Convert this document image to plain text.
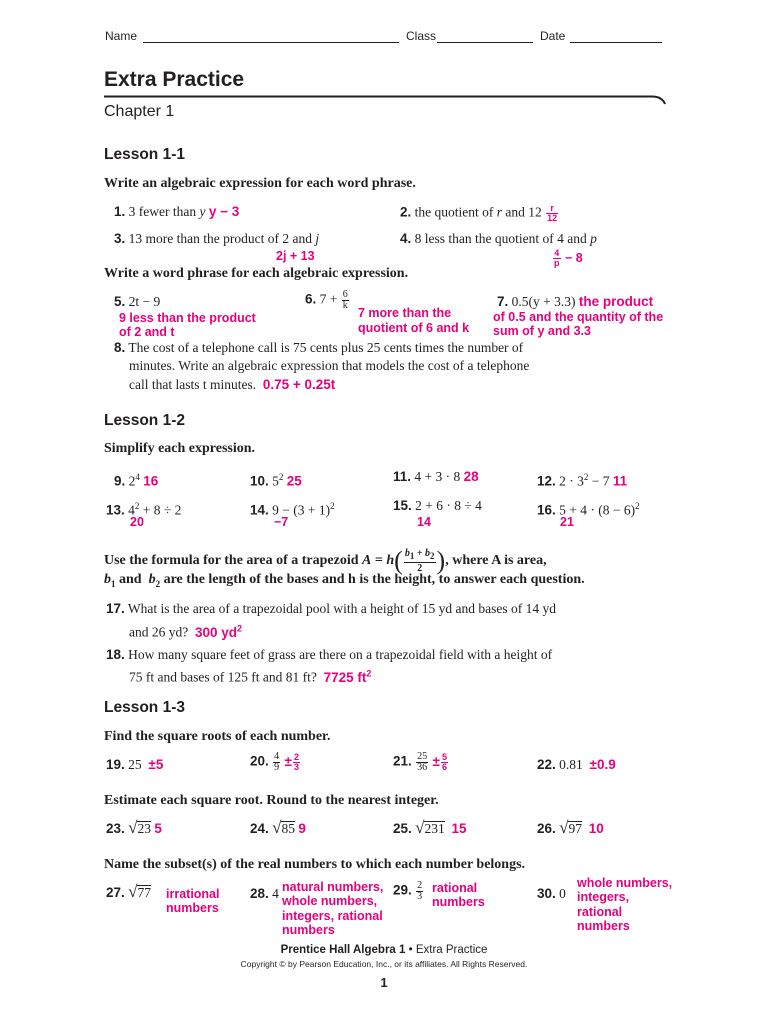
Name	Class	Date
Extra Practice
Chapter 1
Lesson 1-1
Write an algebraic expression for each word phrase.
1. 3 fewer than y y − 3	2. the quotient of r and $12 \frac{r}{12}$
3. 13 more than the product of 2 and j
2j + 13
4. 8 less than the quotient of 4 and p
$\frac{4}{p} - 8$
Write a word phrase for each algebraic expression.
5. 2t − 9
9 less than the product
of 2 and t
6. $7 + \frac{6}{k}$
7 more than the
quotient of 6 and k
7. 0.5(y + 3.3) the product
of 0.5 and the quantity of the
sum of y and 3.3
8. The cost of a telephone call is 75 cents plus 25 cents times the number of
minutes. Write an algebraic expression that models the cost of a telephone
call that lasts t minutes. 0.75 + 0.25t
Lesson 1-2
Simplify each expression.
9. $2^4$ 16	10. $5^2$ 25	11. 4 + 3 · 8 28	12. $2 \cdot 3^2 - 7$ 11
13. $4^2 + 8 \div 2$
20
14. $9 - (3 + 1)^2$
−7
15. 2 + 6 · 8 ÷ 4
14
16. $5 + 4 \cdot (8 - 6)^2$
21
Use the formula for the area of a trapezoid $A = h( \frac{b_1 + b_2}{2}$ ), where A is area,
$b_1$ and  $b_2$ are the length of the bases and h is the height, to answer each question.
17. What is the area of a trapezoidal pool with a height of 15 yd and bases of 14 yd
and 26 yd? 300 $yd^2$
18. How many square feet of grass are there on a trapezoidal field with a height of
75 ft and bases of 125 ft and 81 ft? 7725 $ft^2$
Lesson 1-3
Find the square roots of each number.
19. 25 ±5	20. $\frac{4}{9} \pm \frac{2}{3}$	21. $\frac{25}{36} \pm \frac{5}{6}$	22. 0.81 ±0.9
Estimate each square root. Round to the nearest integer.
23. √23 5	24. √85 9	25. √231 15	26. √97 10
Name the subset(s) of the real numbers to which each number belongs.
27. √77 irrational
numbers
28. 4 natural numbers,
whole numbers,
integers, rational
numbers
29. $\frac{2}{3}$ rational
numbers
30. 0
whole numbers,
integers,
rational
numbers
Prentice Hall Algebra 1 • Extra Practice
Copyright © by Pearson Education, Inc., or its affiliates. All Rights Reserved.
1
